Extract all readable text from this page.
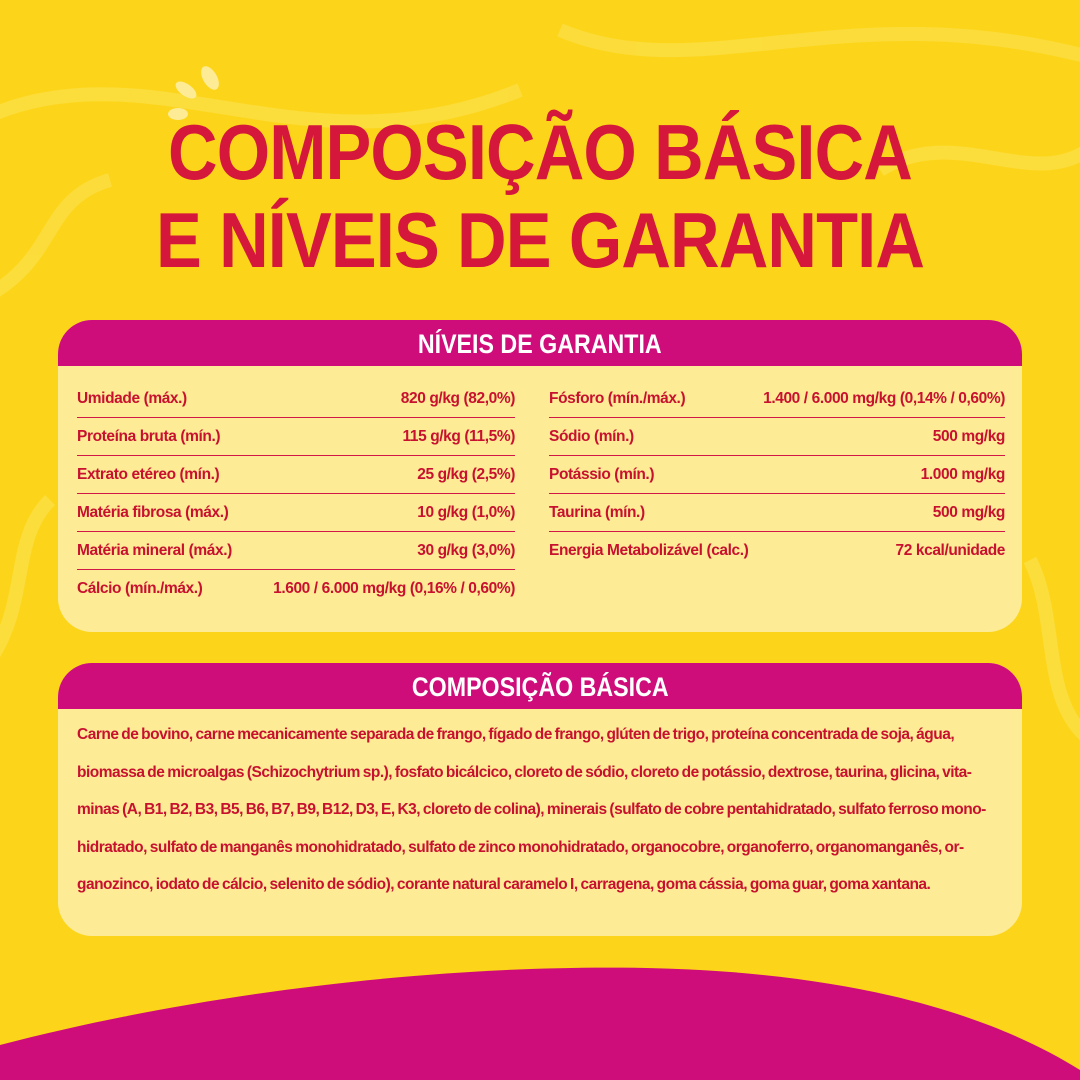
COMPOSIÇÃO BÁSICA
E NÍVEIS DE GARANTIA
NÍVEIS DE GARANTIA
Umidade (máx.)	820 g/kg (82,0%)
Proteína bruta (mín.)	115 g/kg (11,5%)
Extrato etéreo (mín.)	25 g/kg (2,5%)
Matéria fibrosa (máx.)	10 g/kg (1,0%)
Matéria mineral (máx.)	30 g/kg (3,0%)
Cálcio (mín./máx.)	1.600 / 6.000 mg/kg (0,16% / 0,60%)
Fósforo (mín./máx.)	1.400 / 6.000 mg/kg (0,14% / 0,60%)
Sódio (mín.)	500 mg/kg
Potássio (mín.)	1.000 mg/kg
Taurina (mín.)	500 mg/kg
Energia Metabolizável (calc.)	72 kcal/unidade
COMPOSIÇÃO BÁSICA
Carne de bovino, carne mecanicamente separada de frango, fígado de frango, glúten de trigo, proteína concentrada de soja, água,
biomassa de microalgas (Schizochytrium sp.), fosfato bicálcico, cloreto de sódio, cloreto de potássio, dextrose, taurina, glicina, vita-
minas (A, B1, B2, B3, B5, B6, B7, B9, B12, D3, E, K3, cloreto de colina), minerais (sulfato de cobre pentahidratado, sulfato ferroso mono-
hidratado, sulfato de manganês monohidratado, sulfato de zinco monohidratado, organocobre, organoferro, organomanganês, or-
ganozinco, iodato de cálcio, selenito de sódio), corante natural caramelo I, carragena, goma cássia, goma guar, goma xantana.
